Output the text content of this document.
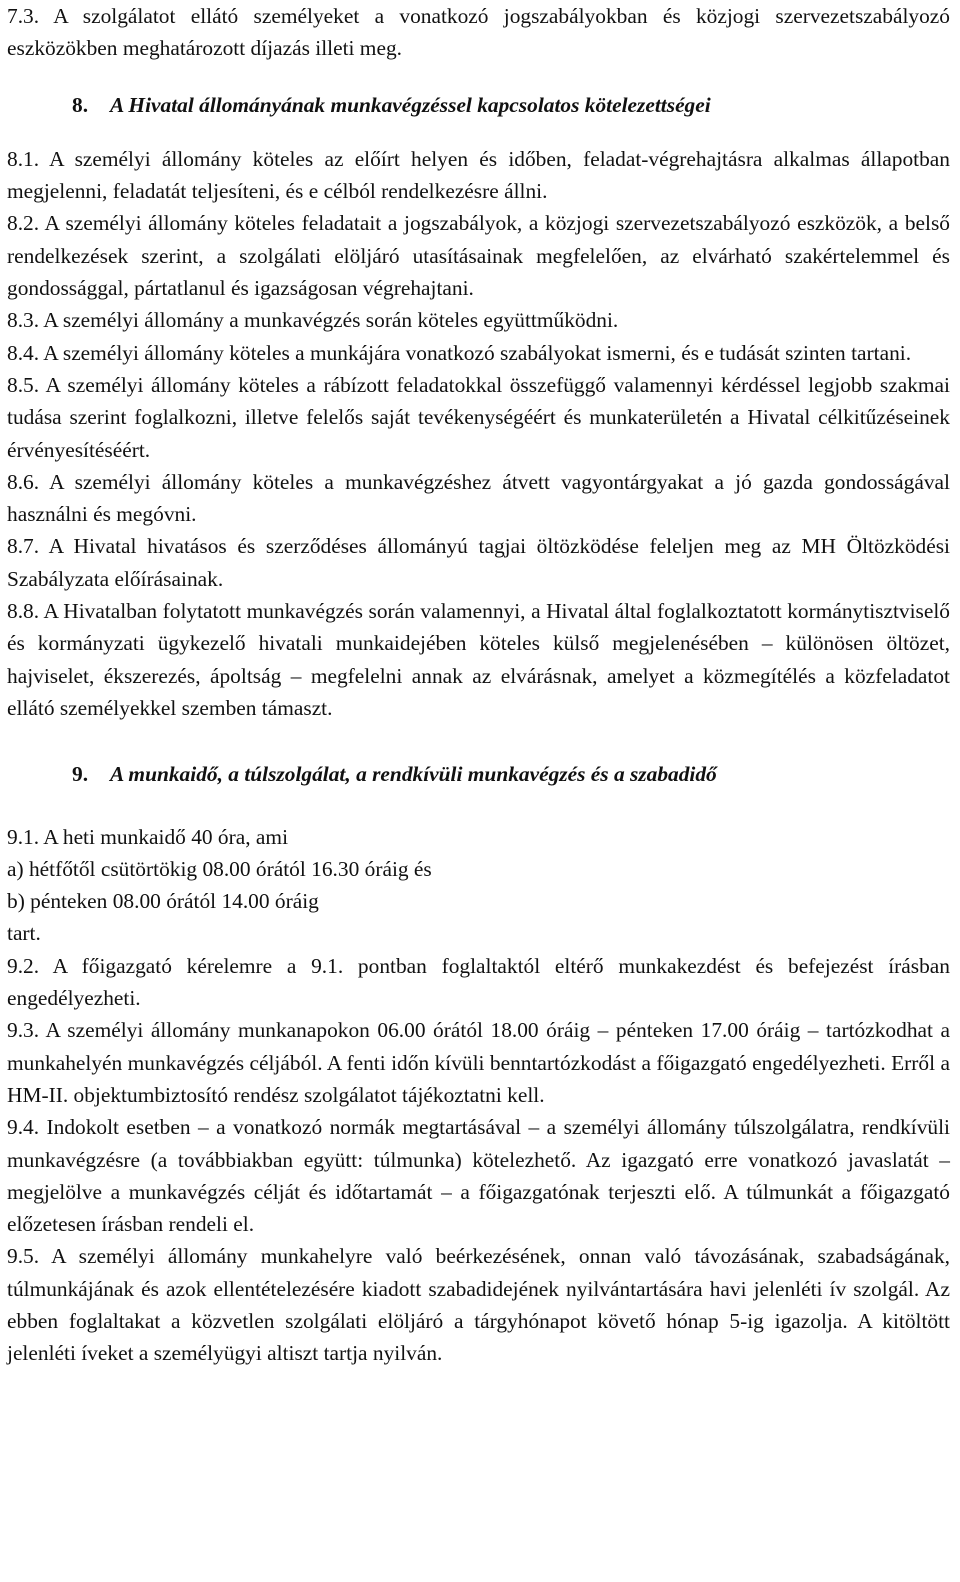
7.3. A szolgálatot ellátó személyeket a vonatkozó jogszabályokban és közjogi szervezetszabályozó eszközökben meghatározott díjazás illeti meg.

8.	A Hivatal állományának munkavégzéssel kapcsolatos kötelezettségei

8.1. A személyi állomány köteles az előírt helyen és időben, feladat-végrehajtásra alkalmas állapotban megjelenni, feladatát teljesíteni, és e célból rendelkezésre állni.

8.2. A személyi állomány köteles feladatait a jogszabályok, a közjogi szervezetszabályozó eszközök, a belső rendelkezések szerint, a szolgálati elöljáró utasításainak megfelelően, az elvárható szakértelemmel és gondossággal, pártatlanul és igazságosan végrehajtani.

8.3. A személyi állomány a munkavégzés során köteles együttműködni.

8.4. A személyi állomány köteles a munkájára vonatkozó szabályokat ismerni, és e tudását szinten tartani.

8.5. A személyi állomány köteles a rábízott feladatokkal összefüggő valamennyi kérdéssel legjobb szakmai tudása szerint foglalkozni, illetve felelős saját tevékenységéért és munkaterületén a Hivatal célkitűzéseinek érvényesítéséért.

8.6. A személyi állomány köteles a munkavégzéshez átvett vagyontárgyakat a jó gazda gondosságával használni és megóvni.

8.7. A Hivatal hivatásos és szerződéses állományú tagjai öltözködése feleljen meg az MH Öltözködési Szabályzata előírásainak.

8.8. A Hivatalban folytatott munkavégzés során valamennyi, a Hivatal által foglalkoztatott kormánytisztviselő és kormányzati ügykezelő hivatali munkaidejében köteles külső megjelenésében – különösen öltözet, hajviselet, ékszerezés, ápoltság – megfelelni annak az elvárásnak, amelyet a közmegítélés a közfeladatot ellátó személyekkel szemben támaszt.

9.	A munkaidő, a túlszolgálat, a rendkívüli munkavégzés és a szabadidő

9.1. A heti munkaidő 40 óra, ami

a) hétfőtől csütörtökig 08.00 órától 16.30 óráig és

b) pénteken 08.00 órától 14.00 óráig

tart.

9.2. A főigazgató kérelemre a 9.1. pontban foglaltaktól eltérő munkakezdést és befejezést írásban engedélyezheti.

9.3. A személyi állomány munkanapokon 06.00 órától 18.00 óráig – pénteken 17.00 óráig – tartózkodhat a munkahelyén munkavégzés céljából. A fenti időn kívüli benntartózkodást a főigazgató engedélyezheti. Erről a HM-II. objektumbiztosító rendész szolgálatot tájékoztatni kell.

9.4. Indokolt esetben – a vonatkozó normák megtartásával – a személyi állomány túlszolgálatra, rendkívüli munkavégzésre (a továbbiakban együtt: túlmunka) kötelezhető. Az igazgató erre vonatkozó javaslatát – megjelölve a munkavégzés célját és időtartamát – a főigazgatónak terjeszti elő. A túlmunkát a főigazgató előzetesen írásban rendeli el.

9.5. A személyi állomány munkahelyre való beérkezésének, onnan való távozásának, szabadságának, túlmunkájának és azok ellentételezésére kiadott szabadidejének nyilvántartására havi jelenléti ív szolgál. Az ebben foglaltakat a közvetlen szolgálati elöljáró a tárgyhónapot követő hónap 5-ig igazolja. A kitöltött jelenléti íveket a személyügyi altiszt tartja nyilván.
